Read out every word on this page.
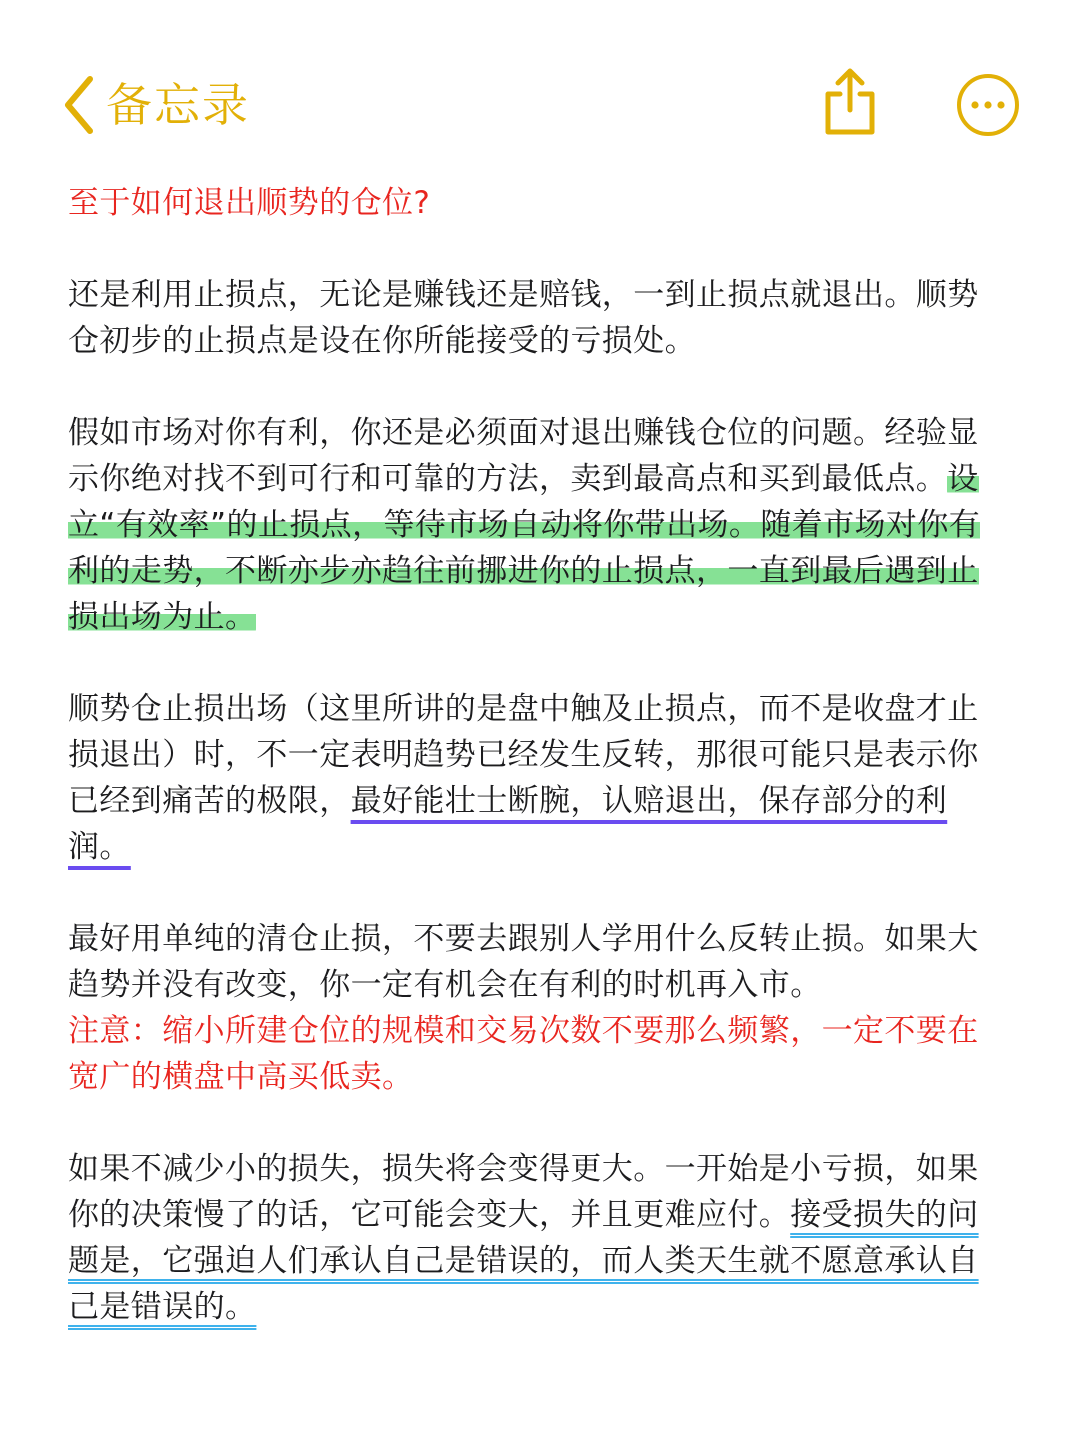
备忘录

至于如何退出顺势的仓位?

还是利用止损点，无论是赚钱还是赔钱，一到止损点就退出。顺势仓初步的止损点是设在你所能接受的亏损处。

假如市场对你有利，你还是必须面对退出赚钱仓位的问题。经验显示你绝对找不到可行和可靠的方法，卖到最高点和买到最低点。设立“有效率”的止损点，等待市场自动将你带出场。随着市场对你有利的走势，不断亦步亦趋往前挪进你的止损点，一直到最后遇到止损出场为止。

顺势仓止损出场（这里所讲的是盘中触及止损点，而不是收盘才止损退出）时，不一定表明趋势已经发生反转，那很可能只是表示你已经到痛苦的极限，最好能壮士断腕，认赔退出，保存部分的利润。

最好用单纯的清仓止损，不要去跟别人学用什么反转止损。如果大趋势并没有改变，你一定有机会在有利的时机再入市。

注意：缩小所建仓位的规模和交易次数不要那么频繁，一定不要在宽广的横盘中高买低卖。

如果不减少小的损失，损失将会变得更大。一开始是小亏损，如果你的决策慢了的话，它可能会变大，并且更难应付。接受损失的问题是，它强迫人们承认自己是错误的，而人类天生就不愿意承认自己是错误的。
